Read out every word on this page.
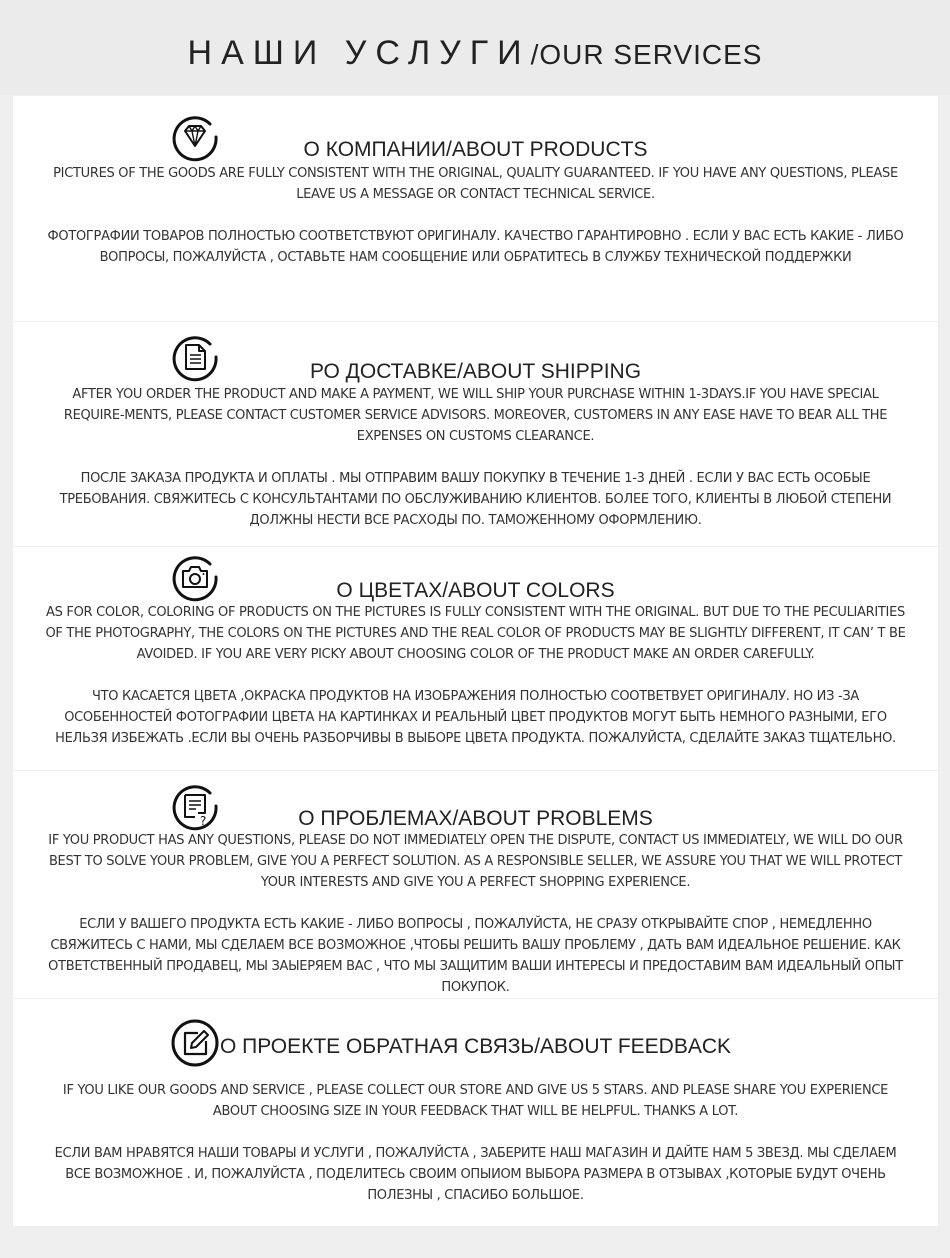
НАШИ УСЛУГИ/OUR SERVICES
О КОМПАНИИ/ABOUT PRODUCTS
PICTURES OF THE GOODS ARE FULLY CONSISTENT WITH THE ORIGINAL, QUALITY GUARANTEED. IF YOU HAVE ANY QUESTIONS, PLEASE LEAVE US A MESSAGE OR CONTACT TECHNICAL SERVICE.
ФОТОГРАФИИ ТОВАРОВ ПОЛНОСТЬЮ СООТВЕТСТВУЮТ ОРИГИНАЛУ. КАЧЕСТВО ГАРАНТИРОВНО . ЕСЛИ У ВАС ЕСТЬ КАКИЕ - ЛИБО ВОПРОСЫ, ПОЖАЛУЙСТА , ОСТАВЬТЕ НАМ СООБЩЕНИЕ ИЛИ ОБРАТИТЕСЬ В СЛУЖБУ ТЕХНИЧЕСКОЙ ПОДДЕРЖКИ
РО ДОСТАВКЕ/ABOUT SHIPPING
AFTER YOU ORDER THE PRODUCT AND MAKE A PAYMENT, WE WILL SHIP YOUR PURCHASE WITHIN 1-3DAYS.IF YOU HAVE SPECIAL REQUIRE-MENTS, PLEASE CONTACT CUSTOMER SERVICE ADVISORS. MOREOVER, CUSTOMERS IN ANY EASE HAVE TO BEAR ALL THE EXPENSES ON CUSTOMS CLEARANCE.
ПОСЛЕ ЗАКАЗА ПРОДУКТА И ОПЛАТЫ . МЫ ОТПРАВИМ ВАШУ ПОКУПКУ В ТЕЧЕНИЕ 1-3 ДНЕЙ . ЕСЛИ У ВАС ЕСТЬ ОСОБЫЕ ТРЕБОВАНИЯ. СВЯЖИТЕСЬ С КОНСУЛЬТАНТАМИ ПО ОБСЛУЖИВАНИЮ КЛИЕНТОВ. БОЛЕЕ ТОГО, КЛИЕНТЫ В ЛЮБОЙ СТЕПЕНИ ДОЛЖНЫ НЕСТИ ВСЕ РАСХОДЫ ПО. ТАМОЖЕННОМУ ОФОРМЛЕНИЮ.
О ЦВЕТАХ/ABOUT COLORS
AS FOR COLOR, COLORING OF PRODUCTS ON THE PICTURES IS FULLY CONSISTENT WITH THE ORIGINAL. BUT DUE TO THE PECULIARITIES OF THE PHOTOGRAPHY, THE COLORS ON THE PICTURES AND THE REAL COLOR OF PRODUCTS MAY BE SLIGHTLY DIFFERENT, IT CAN’ T BE AVOIDED. IF YOU ARE VERY PICKY ABOUT CHOOSING COLOR OF THE PRODUCT MAKE AN ORDER CAREFULLY.
ЧТО КАСАЕТСЯ ЦВЕТА ,ОКРАСКА ПРОДУКТОВ НА ИЗОБРАЖЕНИЯ ПОЛНОСТЬЮ СООТВЕТВУЕТ ОРИГИНАЛУ. НО ИЗ -ЗА ОСОБЕННОСТЕЙ ФОТОГРАФИИ ЦВЕТА НА КАРТИНКАХ И РЕАЛЬНЫЙ ЦВЕТ ПРОДУКТОВ МОГУТ БЫТЬ НЕМНОГО РАЗНЫМИ, ЕГО НЕЛЬЗЯ ИЗБЕЖАТЬ .ЕСЛИ ВЫ ОЧЕНЬ РАЗБОРЧИВЫ В ВЫБОРЕ ЦВЕТА ПРОДУКТА. ПОЖАЛУЙСТА, СДЕЛАЙТЕ ЗАКАЗ ТЩАТЕЛЬНО.
?	О ПРОБЛЕМАХ/ABOUT PROBLEMS
IF YOU PRODUCT HAS ANY QUESTIONS, PLEASE DO NOT IMMEDIATELY OPEN THE DISPUTE, CONTACT US IMMEDIATELY, WE WILL DO OUR BEST TO SOLVE YOUR PROBLEM, GIVE YOU A PERFECT SOLUTION. AS A RESPONSIBLE SELLER, WE ASSURE YOU THAT WE WILL PROTECT YOUR INTERESTS AND GIVE YOU A PERFECT SHOPPING EXPERIENCE.
ЕСЛИ У ВАШЕГО ПРОДУКТА ЕСТЬ КАКИЕ - ЛИБО ВОПРОСЫ , ПОЖАЛУЙСТА, НЕ СРАЗУ ОТКРЫВАЙТЕ СПОР , НЕМЕДЛЕННО СВЯЖИТЕСЬ С НАМИ, МЫ СДЕЛАЕМ ВСЕ ВОЗМОЖНОЕ ,ЧТОБЫ РЕШИТЬ ВАШУ ПРОБЛЕМУ , ДАТЬ ВАМ ИДЕАЛЬНОЕ РЕШЕНИЕ. КАК ОТВЕТСТВЕННЫЙ ПРОДАВЕЦ, МЫ ЗАЫЕРЯЕМ ВАС , ЧТО МЫ ЗАЩИТИМ ВАШИ ИНТЕРЕСЫ И ПРЕДОСТАВИМ ВАМ ИДЕАЛЬНЫЙ ОПЫТ ПОКУПОК.
О ПРОЕКТЕ ОБРАТНАЯ СВЯЗЬ/ABOUT FEEDBACK
IF YOU LIKE OUR GOODS AND SERVICE , PLEASE COLLECT OUR STORE AND GIVE US 5 STARS. AND PLEASE SHARE YOU EXPERIENCE ABOUT CHOOSING SIZE IN YOUR FEEDBACK THAT WILL BE HELPFUL. THANKS A LOT.
ЕСЛИ ВАМ НРАВЯТСЯ НАШИ ТОВАРЫ И УСЛУГИ , ПОЖАЛУЙСТА , ЗАБЕРИТЕ НАШ МАГАЗИН И ДАЙТЕ НАМ 5 ЗВЕЗД. МЫ СДЕЛАЕМ ВСЕ ВОЗМОЖНОЕ . И, ПОЖАЛУЙСТА , ПОДЕЛИТЕСЬ СВОИМ ОПЫИОМ ВЫБОРА РАЗМЕРА В ОТЗЫВАХ ,КОТОРЫЕ БУДУТ ОЧЕНЬ ПОЛЕЗНЫ , СПАСИБО БОЛЬШОЕ.
